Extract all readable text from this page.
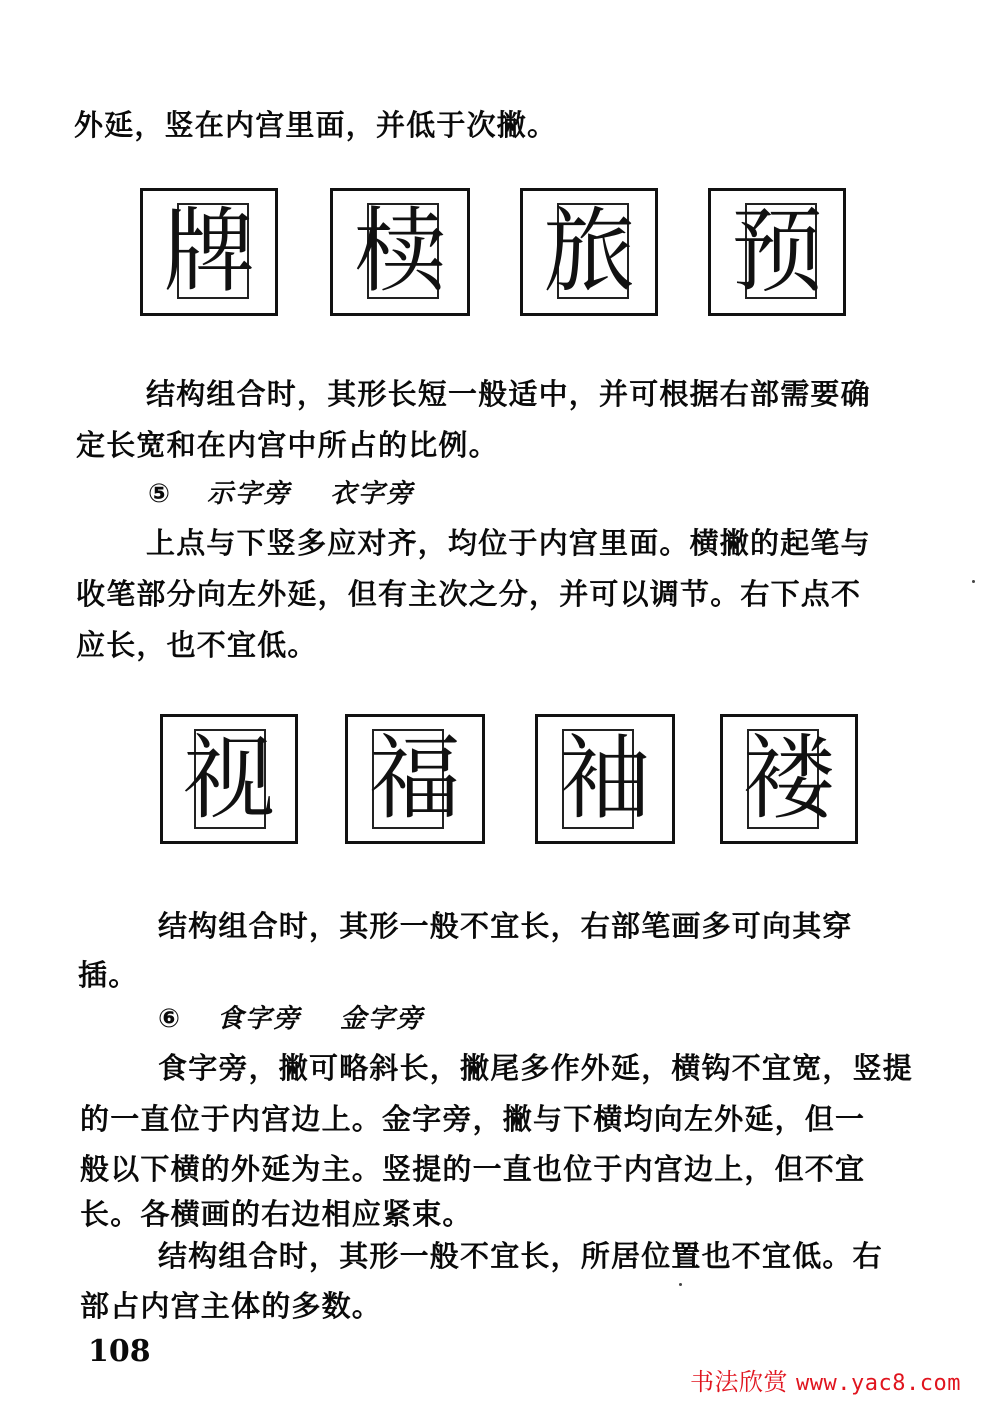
外延，竖在内宫里面，并低于次撇。
牌 椟 旅 预
结构组合时，其形长短一般适中，并可根据右部需要确
定长宽和在内宫中所占的比例。
⑤ 示字旁 衣字旁
上点与下竖多应对齐，均位于内宫里面。横撇的起笔与
收笔部分向左外延，但有主次之分，并可以调节。右下点不
应长，也不宜低。
视 福 袖 褛
结构组合时，其形一般不宜长，右部笔画多可向其穿
插。
⑥ 食字旁 金字旁
食字旁，撇可略斜长，撇尾多作外延，横钩不宜宽，竖提
的一直位于内宫边上。金字旁，撇与下横均向左外延，但一
般以下横的外延为主。竖提的一直也位于内宫边上，但不宜
长。各横画的右边相应紧束。
结构组合时，其形一般不宜长，所居位置也不宜低。右
部占内宫主体的多数。
108
书法欣赏 www.yac8.com
